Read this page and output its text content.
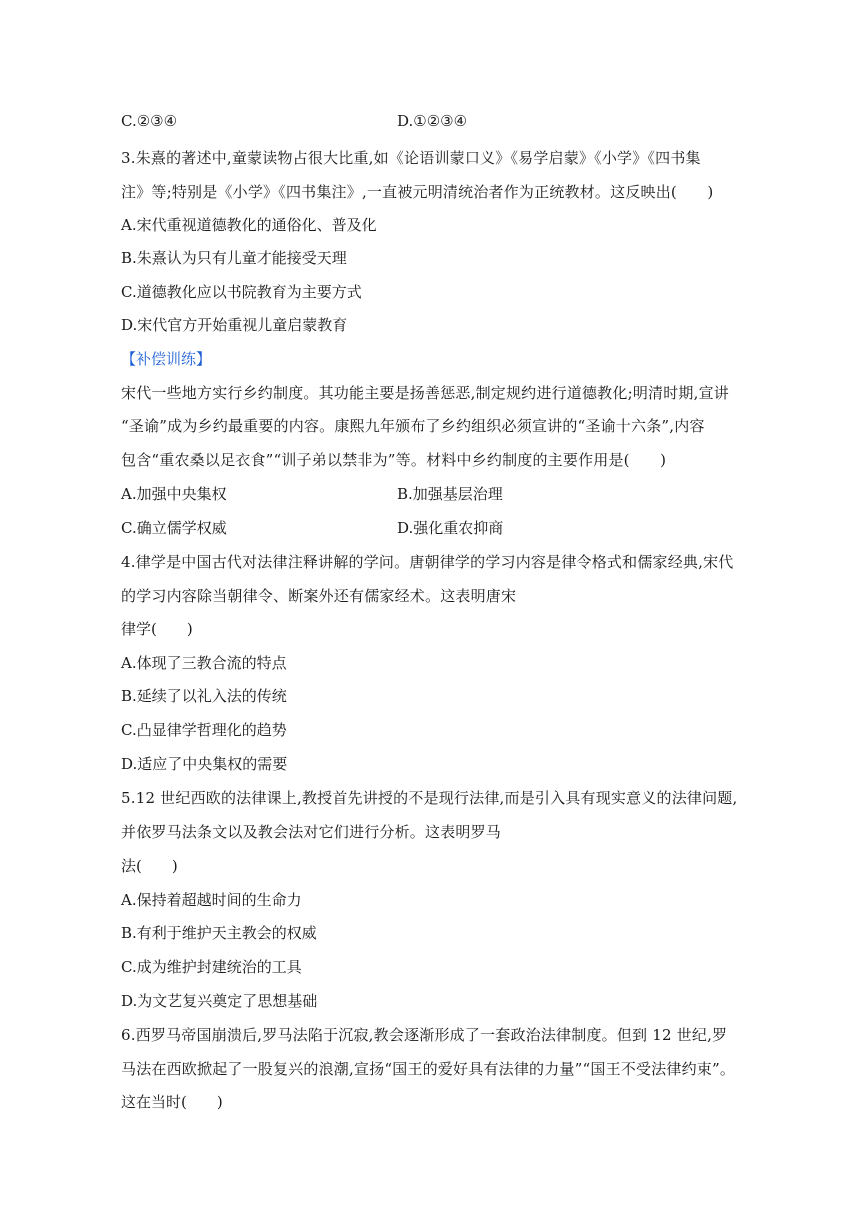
C.②③④	D.①②③④
3.朱熹的著述中,童蒙读物占很大比重,如《论语训蒙口义》《易学启蒙》《小学》《四书集
注》等;特别是《小学》《四书集注》,一直被元明清统治者作为正统教材。这反映出(　　)
A.宋代重视道德教化的通俗化、普及化
B.朱熹认为只有儿童才能接受天理
C.道德教化应以书院教育为主要方式
D.宋代官方开始重视儿童启蒙教育
【补偿训练】
宋代一些地方实行乡约制度。其功能主要是扬善惩恶,制定规约进行道德教化;明清时期,宣讲
“圣谕”成为乡约最重要的内容。康熙九年颁布了乡约组织必须宣讲的“圣谕十六条”,内容
包含“重农桑以足衣食”“训子弟以禁非为”等。材料中乡约制度的主要作用是(　　)
A.加强中央集权	B.加强基层治理
C.确立儒学权威	D.强化重农抑商
4.律学是中国古代对法律注释讲解的学问。唐朝律学的学习内容是律令格式和儒家经典,宋代
的学习内容除当朝律令、断案外还有儒家经术。这表明唐宋
律学(　　)
A.体现了三教合流的特点
B.延续了以礼入法的传统
C.凸显律学哲理化的趋势
D.适应了中央集权的需要
5.12 世纪西欧的法律课上,教授首先讲授的不是现行法律,而是引入具有现实意义的法律问题,
并依罗马法条文以及教会法对它们进行分析。这表明罗马
法(　　)
A.保持着超越时间的生命力
B.有利于维护天主教会的权威
C.成为维护封建统治的工具
D.为文艺复兴奠定了思想基础
6.西罗马帝国崩溃后,罗马法陷于沉寂,教会逐渐形成了一套政治法律制度。但到 12 世纪,罗
马法在西欧掀起了一股复兴的浪潮,宣扬“国王的爱好具有法律的力量”“国王不受法律约束”。
这在当时(　　)
